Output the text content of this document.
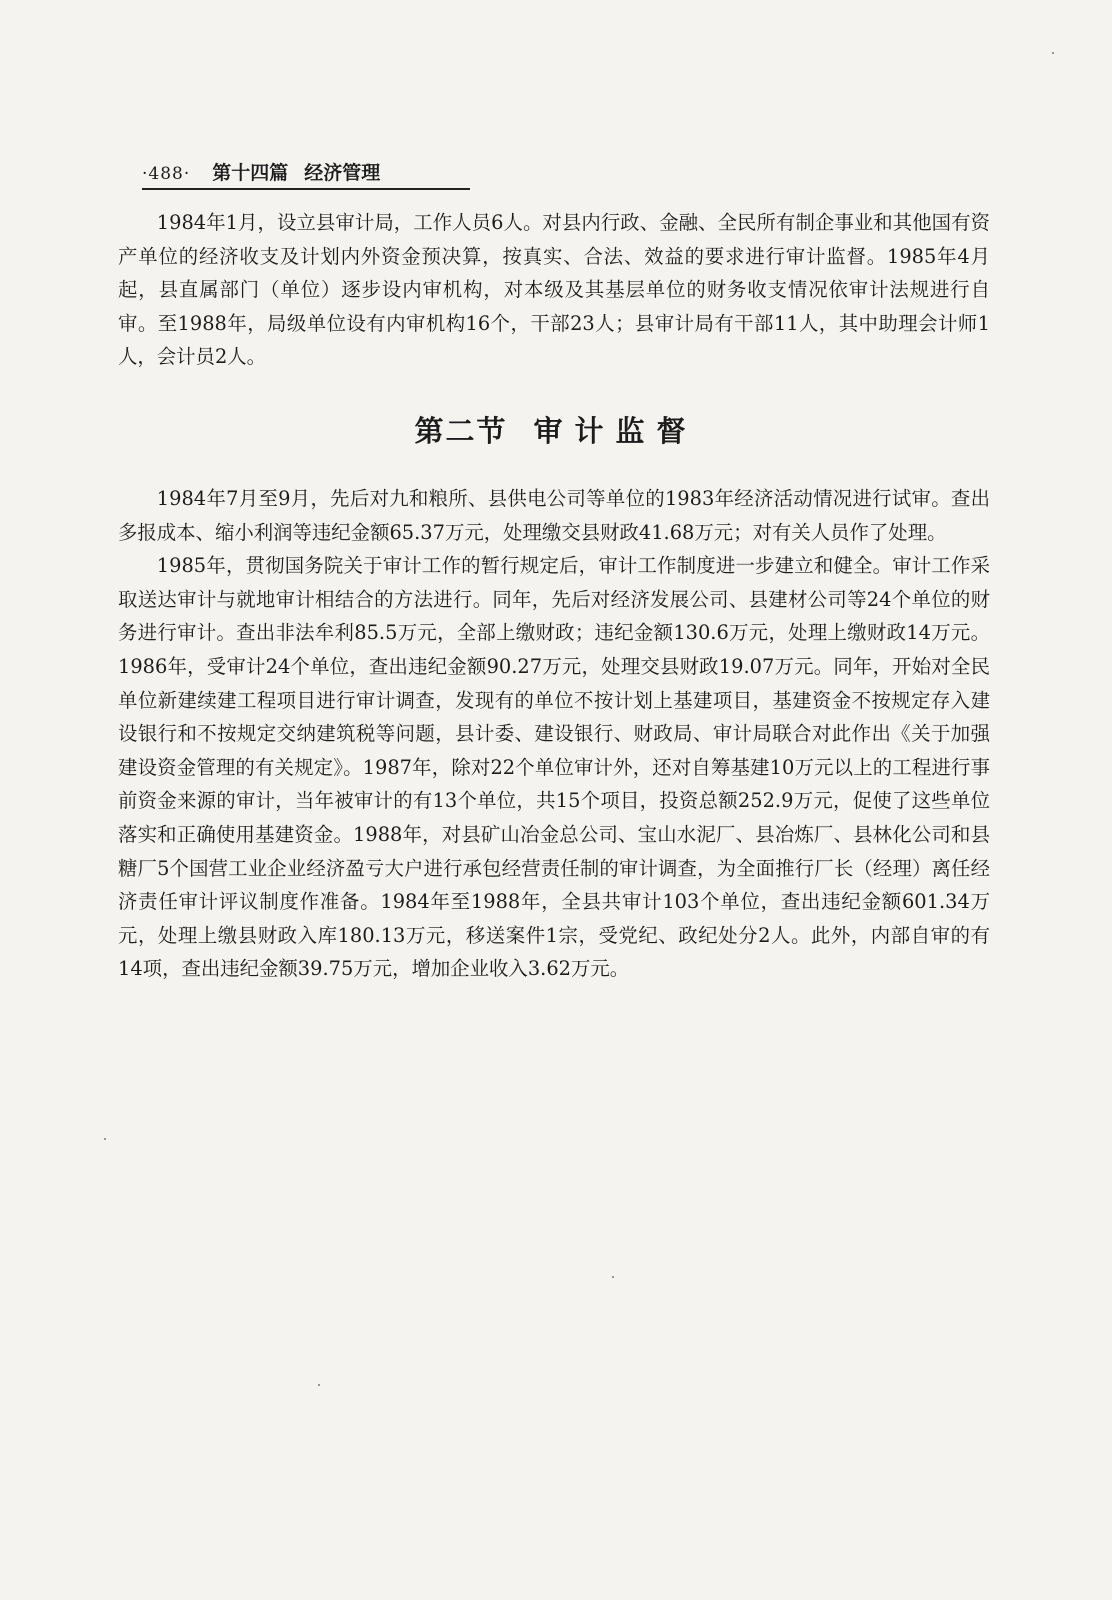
·488· 第十四篇 经济管理

1984年1月，设立县审计局，工作人员6人。对县内行政、金融、全民所有制企事业和其他国有资产单位的经济收支及计划内外资金预决算，按真实、合法、效益的要求进行审计监督。1985年4月起，县直属部门（单位）逐步设内审机构，对本级及其基层单位的财务收支情况依审计法规进行自审。至1988年，局级单位设有内审机构16个，干部23人；县审计局有干部11人，其中助理会计师1人，会计员2人。

第二节 审计监督

1984年7月至9月，先后对九和粮所、县供电公司等单位的1983年经济活动情况进行试审。查出多报成本、缩小利润等违纪金额65.37万元，处理缴交县财政41.68万元；对有关人员作了处理。

1985年，贯彻国务院关于审计工作的暂行规定后，审计工作制度进一步建立和健全。审计工作采取送达审计与就地审计相结合的方法进行。同年，先后对经济发展公司、县建材公司等24个单位的财务进行审计。查出非法牟利85.5万元，全部上缴财政；违纪金额130.6万元，处理上缴财政14万元。1986年，受审计24个单位，查出违纪金额90.27万元，处理交县财政19.07万元。同年，开始对全民单位新建续建工程项目进行审计调查，发现有的单位不按计划上基建项目，基建资金不按规定存入建设银行和不按规定交纳建筑税等问题，县计委、建设银行、财政局、审计局联合对此作出《关于加强建设资金管理的有关规定》。1987年，除对22个单位审计外，还对自筹基建10万元以上的工程进行事前资金来源的审计，当年被审计的有13个单位，共15个项目，投资总额252.9万元，促使了这些单位落实和正确使用基建资金。1988年，对县矿山冶金总公司、宝山水泥厂、县冶炼厂、县林化公司和县糖厂5个国营工业企业经济盈亏大户进行承包经营责任制的审计调查，为全面推行厂长（经理）离任经济责任审计评议制度作准备。1984年至1988年，全县共审计103个单位，查出违纪金额601.34万元，处理上缴县财政入库180.13万元，移送案件1宗，受党纪、政纪处分2人。此外，内部自审的有14项，查出违纪金额39.75万元，增加企业收入3.62万元。
